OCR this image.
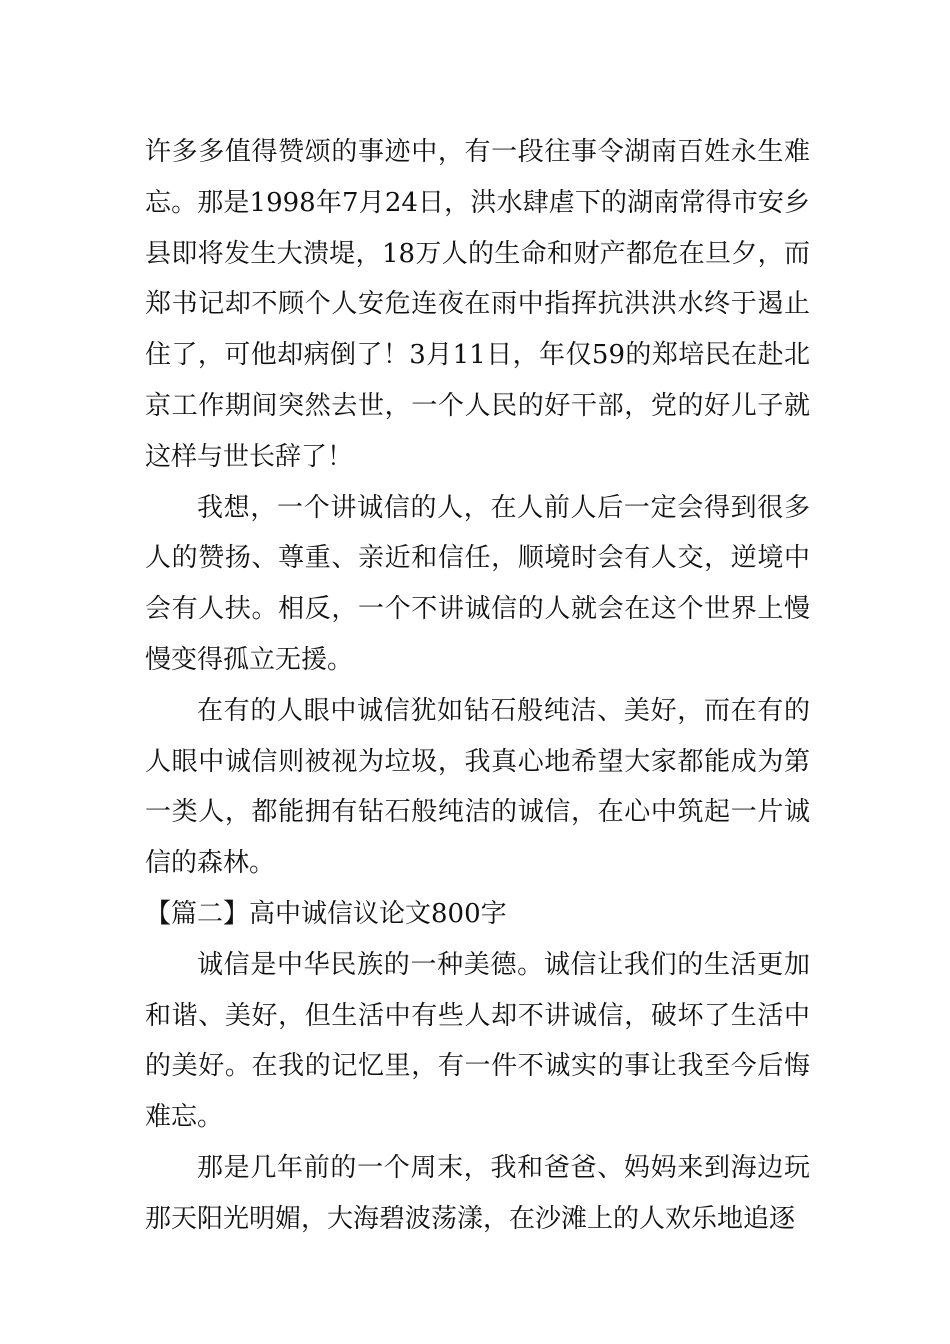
许多多值得赞颂的事迹中，有一段往事令湖南百姓永生难忘。那是1998年7月24日，洪水肆虐下的湖南常得市安乡县即将发生大溃堤，18万人的生命和财产都危在旦夕，而郑书记却不顾个人安危连夜在雨中指挥抗洪洪水终于遏止住了，可他却病倒了！3月11日，年仅59的郑培民在赴北京工作期间突然去世，一个人民的好干部，党的好儿子就这样与世长辞了！

我想，一个讲诚信的人，在人前人后一定会得到很多人的赞扬、尊重、亲近和信任，顺境时会有人交，逆境中会有人扶。相反，一个不讲诚信的人就会在这个世界上慢慢变得孤立无援。

在有的人眼中诚信犹如钻石般纯洁、美好，而在有的人眼中诚信则被视为垃圾，我真心地希望大家都能成为第一类人，都能拥有钻石般纯洁的诚信，在心中筑起一片诚信的森林。

【篇二】高中诚信议论文800字

诚信是中华民族的一种美德。诚信让我们的生活更加和谐、美好，但生活中有些人却不讲诚信，破坏了生活中的美好。在我的记忆里，有一件不诚实的事让我至今后悔难忘。

那是几年前的一个周末，我和爸爸、妈妈来到海边玩那天阳光明媚，大海碧波荡漾，在沙滩上的人欢乐地追逐
